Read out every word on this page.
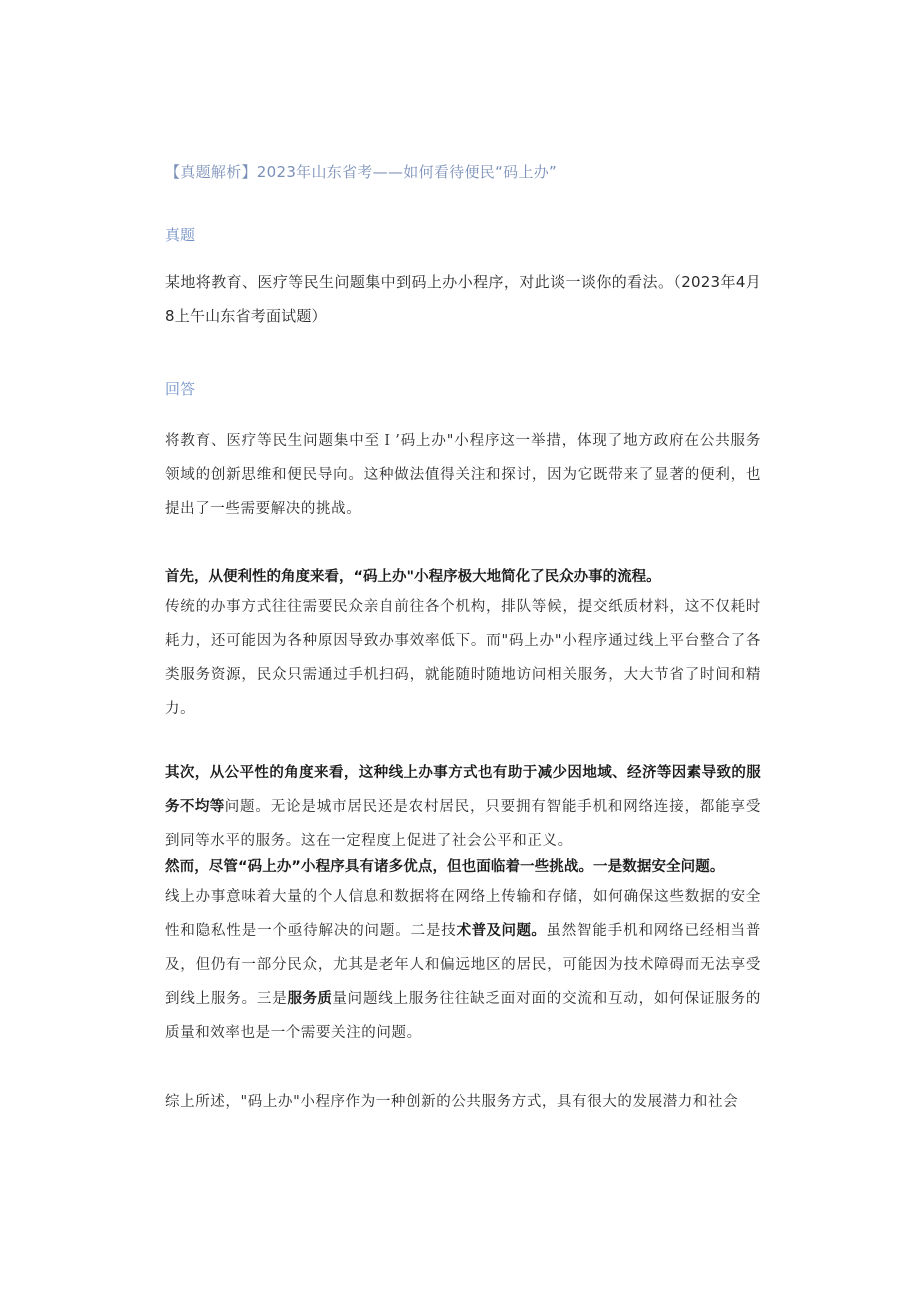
【真题解析】2023年山东省考——如何看待便民“码上办”
真题

某地将教育、医疗等民生问题集中到码上办小程序，对此谈一谈你的看法。（2023年4月8上午山东省考面试题）

回答

将教育、医疗等民生问题集中至Ｉ’码上办"小程序这一举措，体现了地方政府在公共服务领域的创新思维和便民导向。这种做法值得关注和探讨，因为它既带来了显著的便利，也提出了一些需要解决的挑战。

首先，从便利性的角度来看，“码上办"小程序极大地简化了民众办事的流程。

传统的办事方式往往需要民众亲自前往各个机构，排队等候，提交纸质材料，这不仅耗时耗力，还可能因为各种原因导致办事效率低下。而"码上办"小程序通过线上平台整合了各类服务资源，民众只需通过手机扫码，就能随时随地访问相关服务，大大节省了时间和精力。

其次，从公平性的角度来看，这种线上办事方式也有助于减少因地域、经济等因素导致的服务不均等问题。无论是城市居民还是农村居民，只要拥有智能手机和网络连接，都能享受到同等水平的服务。这在一定程度上促进了社会公平和正义。

然而，尽管“码上办”小程序具有诸多优点，但也面临着一些挑战。一是数据安全问题。

线上办事意味着大量的个人信息和数据将在网络上传输和存储，如何确保这些数据的安全性和隐私性是一个亟待解决的问题。二是技术普及问题。虽然智能手机和网络已经相当普及，但仍有一部分民众，尤其是老年人和偏远地区的居民，可能因为技术障碍而无法享受到线上服务。三是服务质量问题线上服务往往缺乏面对面的交流和互动，如何保证服务的质量和效率也是一个需要关注的问题。

综上所述，"码上办"小程序作为一种创新的公共服务方式，具有很大的发展潜力和社会
